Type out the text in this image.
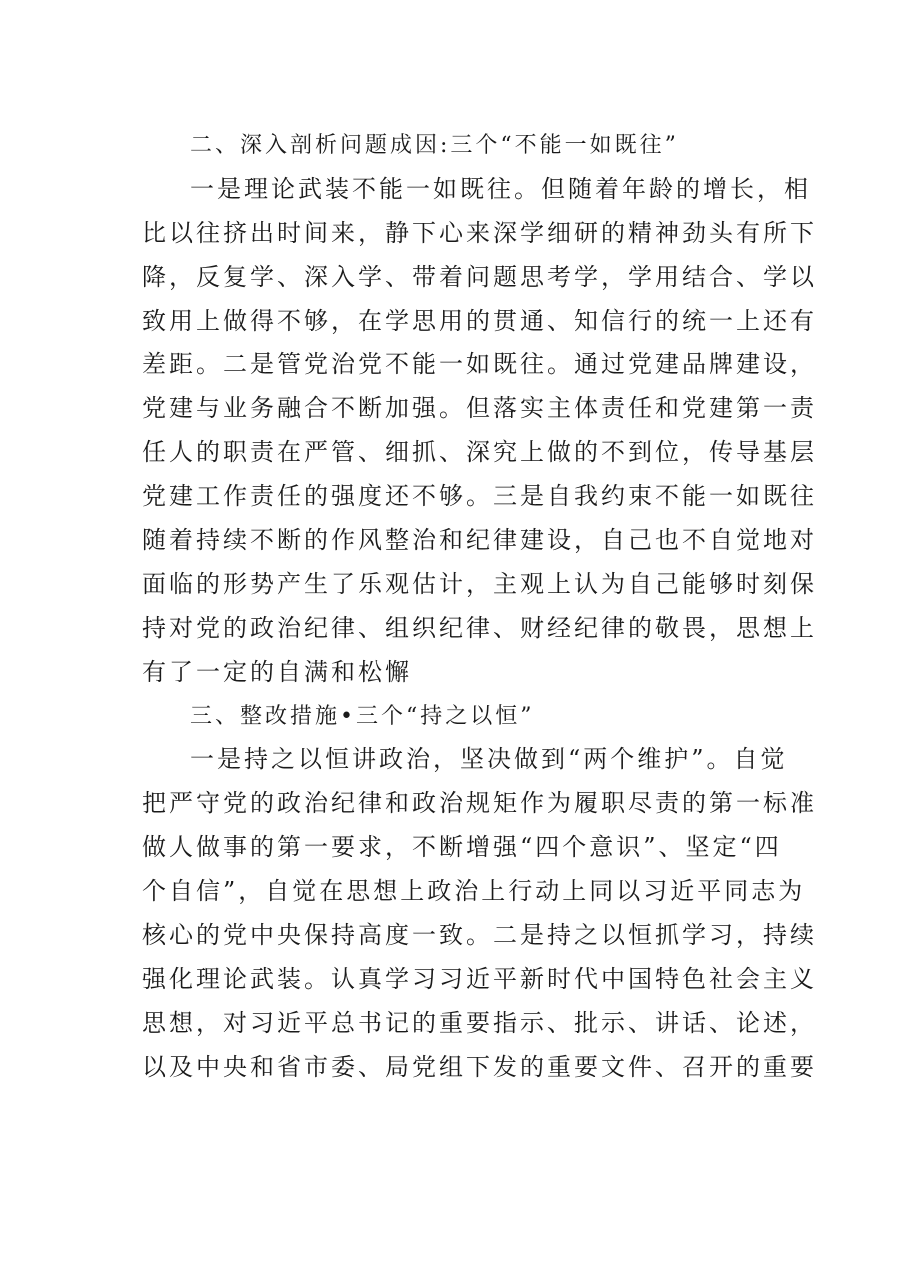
二、深入剖析问题成因:三个“不能一如既往”
一是理论武装不能一如既往。但随着年龄的增长，相
比以往挤出时间来，静下心来深学细研的精神劲头有所下
降，反复学、深入学、带着问题思考学，学用结合、学以
致用上做得不够，在学思用的贯通、知信行的统一上还有
差距。二是管党治党不能一如既往。通过党建品牌建设，
党建与业务融合不断加强。但落实主体责任和党建第一责
任人的职责在严管、细抓、深究上做的不到位，传导基层
党建工作责任的强度还不够。三是自我约束不能一如既往
随着持续不断的作风整治和纪律建设，自己也不自觉地对
面临的形势产生了乐观估计，主观上认为自己能够时刻保
持对党的政治纪律、组织纪律、财经纪律的敬畏，思想上
有了一定的自满和松懈
三、整改措施•三个“持之以恒”
一是持之以恒讲政治，坚决做到“两个维护”。自觉
把严守党的政治纪律和政治规矩作为履职尽责的第一标准
做人做事的第一要求，不断增强“四个意识”、坚定“四
个自信”，自觉在思想上政治上行动上同以习近平同志为
核心的党中央保持高度一致。二是持之以恒抓学习，持续
强化理论武装。认真学习习近平新时代中国特色社会主义
思想，对习近平总书记的重要指示、批示、讲话、论述，
以及中央和省市委、局党组下发的重要文件、召开的重要
